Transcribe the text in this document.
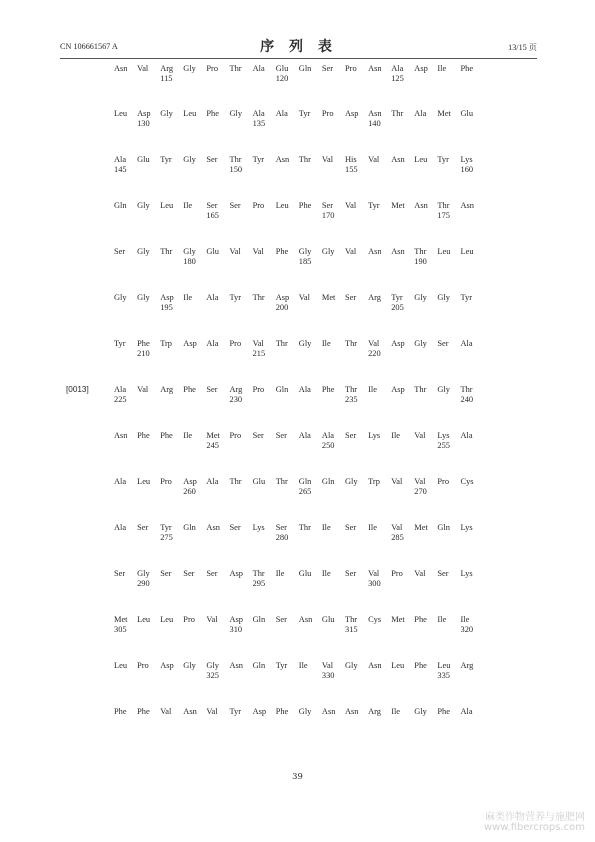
CN 106661567 A	序 列 表	13/15 页
Asn Val Arg Gly Pro Thr Ala Glu Gln Ser Pro Asn Ala Asp Ile Phe
115	120	125
Leu Asp Gly Leu Phe Gly Ala Ala Tyr Pro Asp Asn Thr Ala Met Glu
130	135	140
Ala Glu Tyr Gly Ser Thr Tyr Asn Thr Val His Val Asn Leu Tyr Lys
145	150	155	160
Gln Gly Leu Ile Ser Ser Pro Leu Phe Ser Val Tyr Met Asn Thr Asn
165	170	175
Ser Gly Thr Gly Glu Val Val Phe Gly Gly Val Asn Asn Thr Leu Leu
180	185	190
Gly Gly Asp Ile Ala Tyr Thr Asp Val Met Ser Arg Tyr Gly Gly Tyr
195	200	205
Tyr Phe Trp Asp Ala Pro Val Thr Gly Ile Thr Val Asp Gly Ser Ala
210	215	220
Ala Val Arg Phe Ser Arg Pro Gln Ala Phe Thr Ile Asp Thr Gly Thr
225	230	235	240
[0013]
Asn Phe Phe Ile Met Pro Ser Ser Ala Ala Ser Lys Ile Val Lys Ala
245	250	255
Ala Leu Pro Asp Ala Thr Glu Thr Gln Gln Gly Trp Val Val Pro Cys
260	265	270
Ala Ser Tyr Gln Asn Ser Lys Ser Thr Ile Ser Ile Val Met Gln Lys
275	280	285
Ser Gly Ser Ser Ser Asp Thr Ile Glu Ile Ser Val Pro Val Ser Lys
290	295	300
Met Leu Leu Pro Val Asp Gln Ser Asn Glu Thr Cys Met Phe Ile Ile
305	310	315	320
Leu Pro Asp Gly Gly Asn Gln Tyr Ile Val Gly Asn Leu Phe Leu Arg
325	330	335
Phe Phe Val Asn Val Tyr Asp Phe Gly Asn Asn Arg Ile Gly Phe Ala
39
麻类作物营养与施肥网
www.fibercrops.com
